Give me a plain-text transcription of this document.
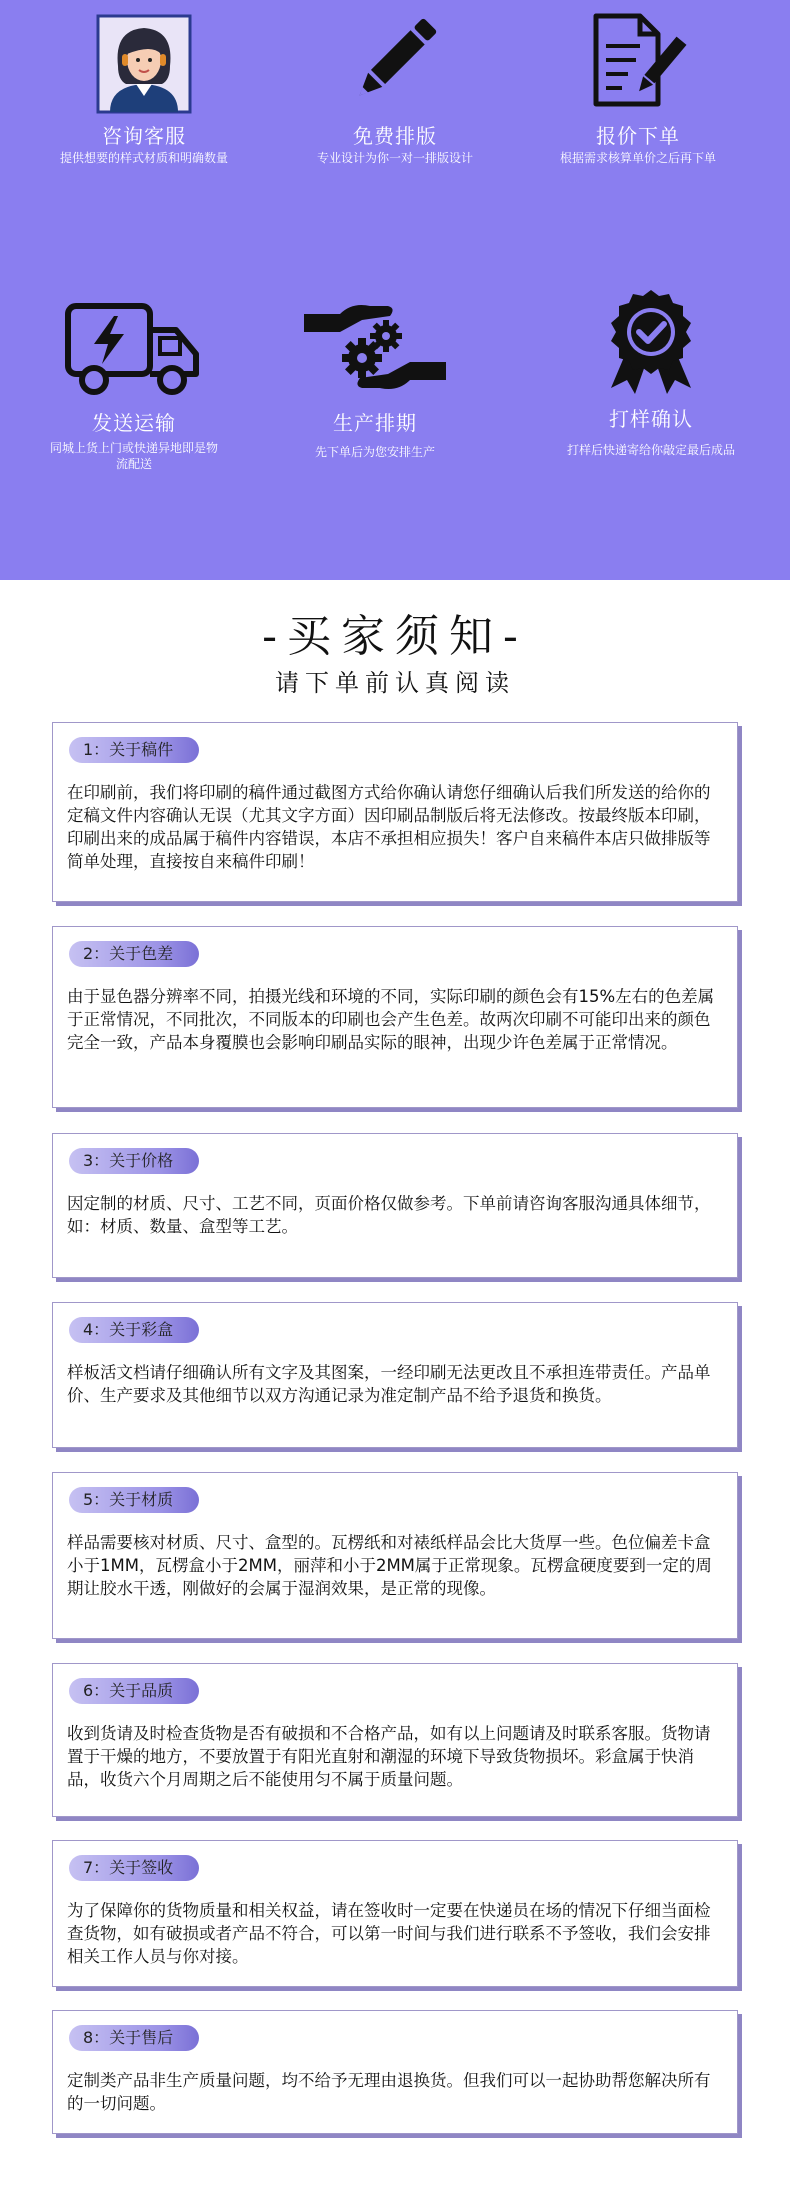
咨询客服
提供想要的样式材质和明确数量
免费排版
专业设计为你一对一排版设计
报价下单
根据需求核算单价之后再下单
发送运输
同城上货上门或快递异地即是物流配送
生产排期
先下单后为您安排生产
打样确认
打样后快递寄给你敲定最后成品
-买家须知-
请下单前认真阅读
1：关于稿件
在印刷前，我们将印刷的稿件通过截图方式给你确认请您仔细确认后我们所发送的给你的定稿文件内容确认无误（尤其文字方面）因印刷品制版后将无法修改。按最终版本印刷，印刷出来的成品属于稿件内容错误，本店不承担相应损失！客户自来稿件本店只做排版等简单处理，直接按自来稿件印刷！
2：关于色差
由于显色器分辨率不同，拍摄光线和环境的不同，实际印刷的颜色会有15%左右的色差属于正常情况，不同批次，不同版本的印刷也会产生色差。故两次印刷不可能印出来的颜色完全一致，产品本身覆膜也会影响印刷品实际的眼神，出现少许色差属于正常情况。
3：关于价格
因定制的材质、尺寸、工艺不同，页面价格仅做参考。下单前请咨询客服沟通具体细节，如：材质、数量、盒型等工艺。
4：关于彩盒
样板活文档请仔细确认所有文字及其图案，一经印刷无法更改且不承担连带责任。产品单价、生产要求及其他细节以双方沟通记录为准定制产品不给予退货和换货。
5：关于材质
样品需要核对材质、尺寸、盒型的。瓦楞纸和对裱纸样品会比大货厚一些。色位偏差卡盒小于1MM，瓦楞盒小于2MM，丽萍和小于2MM属于正常现象。瓦楞盒硬度要到一定的周期让胶水干透，刚做好的会属于湿润效果，是正常的现像。
6：关于品质
收到货请及时检查货物是否有破损和不合格产品，如有以上问题请及时联系客服。货物请置于干燥的地方，不要放置于有阳光直射和潮湿的环境下导致货物损坏。彩盒属于快消品，收货六个月周期之后不能使用匀不属于质量问题。
7：关于签收
为了保障你的货物质量和相关权益，请在签收时一定要在快递员在场的情况下仔细当面检查货物，如有破损或者产品不符合，可以第一时间与我们进行联系不予签收，我们会安排相关工作人员与你对接。
8：关于售后
定制类产品非生产质量问题，均不给予无理由退换货。但我们可以一起协助帮您解决所有的一切问题。
